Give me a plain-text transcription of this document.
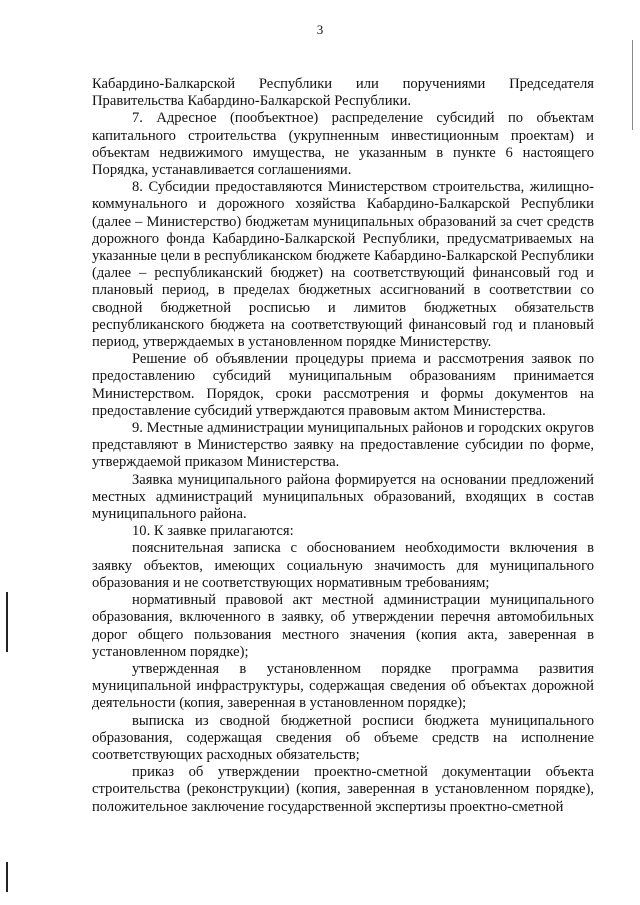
3

Кабардино-Балкарской Республики или поручениями Председателя Правительства Кабардино-Балкарской Республики.

7. Адресное (пообъектное) распределение субсидий по объектам капитального строительства (укрупненным инвестиционным проектам) и объектам недвижимого имущества, не указанным в пункте 6 настоящего Порядка, устанавливается соглашениями.

8. Субсидии предоставляются Министерством строительства, жилищно-коммунального и дорожного хозяйства Кабардино-Балкарской Республики (далее – Министерство) бюджетам муниципальных образований за счет средств дорожного фонда Кабардино-Балкарской Республики, предусматриваемых на указанные цели в республиканском бюджете Кабардино-Балкарской Республики (далее – республиканский бюджет) на соответствующий финансовый год и плановый период, в пределах бюджетных ассигнований в соответствии со сводной бюджетной росписью и лимитов бюджетных обязательств республиканского бюджета на соответствующий финансовый год и плановый период, утверждаемых в установленном порядке Министерству.

Решение об объявлении процедуры приема и рассмотрения заявок по предоставлению субсидий муниципальным образованиям принимается Министерством. Порядок, сроки рассмотрения и формы документов на предоставление субсидий утверждаются правовым актом Министерства.

9. Местные администрации муниципальных районов и городских округов представляют в Министерство заявку на предоставление субсидии по форме, утверждаемой приказом Министерства.

Заявка муниципального района формируется на основании предложений местных администраций муниципальных образований, входящих в состав муниципального района.

10. К заявке прилагаются:

пояснительная записка с обоснованием необходимости включения в заявку объектов, имеющих социальную значимость для муниципального образования и не соответствующих нормативным требованиям;

нормативный правовой акт местной администрации муниципального образования, включенного в заявку, об утверждении перечня автомобильных дорог общего пользования местного значения (копия акта, заверенная в установленном порядке);

утвержденная в установленном порядке программа развития муниципальной инфраструктуры, содержащая сведения об объектах дорожной деятельности (копия, заверенная в установленном порядке);

выписка из сводной бюджетной росписи бюджета муниципального образования, содержащая сведения об объеме средств на исполнение соответствующих расходных обязательств;

приказ об утверждении проектно-сметной документации объекта строительства (реконструкции) (копия, заверенная в установленном порядке), положительное заключение государственной экспертизы проектно-сметной
